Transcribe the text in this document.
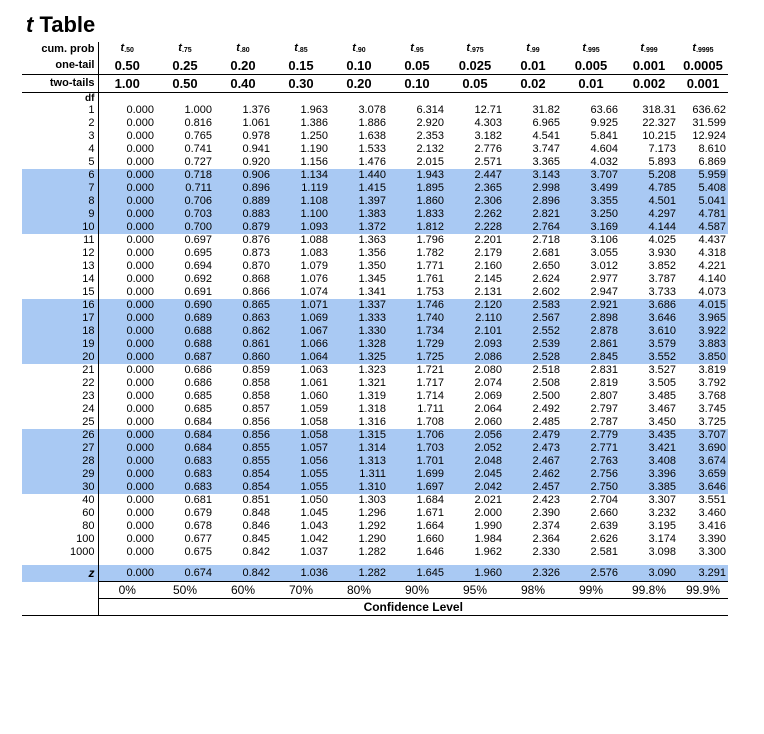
t Table
cum. prob	t.50	t.75	t.80	t.85	t.90	t.95	t.975	t.99	t.995	t.999	t.9995
one-tail	0.50	0.25	0.20	0.15	0.10	0.05	0.025	0.01	0.005	0.001	0.0005
two-tails	1.00	0.50	0.40	0.30	0.20	0.10	0.05	0.02	0.01	0.002	0.001
df											
1	0.000	1.000	1.376	1.963	3.078	6.314	12.71	31.82	63.66	318.31	636.62
2	0.000	0.816	1.061	1.386	1.886	2.920	4.303	6.965	9.925	22.327	31.599
3	0.000	0.765	0.978	1.250	1.638	2.353	3.182	4.541	5.841	10.215	12.924
4	0.000	0.741	0.941	1.190	1.533	2.132	2.776	3.747	4.604	7.173	8.610
5	0.000	0.727	0.920	1.156	1.476	2.015	2.571	3.365	4.032	5.893	6.869
6	0.000	0.718	0.906	1.134	1.440	1.943	2.447	3.143	3.707	5.208	5.959
7	0.000	0.711	0.896	1.119	1.415	1.895	2.365	2.998	3.499	4.785	5.408
8	0.000	0.706	0.889	1.108	1.397	1.860	2.306	2.896	3.355	4.501	5.041
9	0.000	0.703	0.883	1.100	1.383	1.833	2.262	2.821	3.250	4.297	4.781
10	0.000	0.700	0.879	1.093	1.372	1.812	2.228	2.764	3.169	4.144	4.587
11	0.000	0.697	0.876	1.088	1.363	1.796	2.201	2.718	3.106	4.025	4.437
12	0.000	0.695	0.873	1.083	1.356	1.782	2.179	2.681	3.055	3.930	4.318
13	0.000	0.694	0.870	1.079	1.350	1.771	2.160	2.650	3.012	3.852	4.221
14	0.000	0.692	0.868	1.076	1.345	1.761	2.145	2.624	2.977	3.787	4.140
15	0.000	0.691	0.866	1.074	1.341	1.753	2.131	2.602	2.947	3.733	4.073
16	0.000	0.690	0.865	1.071	1.337	1.746	2.120	2.583	2.921	3.686	4.015
17	0.000	0.689	0.863	1.069	1.333	1.740	2.110	2.567	2.898	3.646	3.965
18	0.000	0.688	0.862	1.067	1.330	1.734	2.101	2.552	2.878	3.610	3.922
19	0.000	0.688	0.861	1.066	1.328	1.729	2.093	2.539	2.861	3.579	3.883
20	0.000	0.687	0.860	1.064	1.325	1.725	2.086	2.528	2.845	3.552	3.850
21	0.000	0.686	0.859	1.063	1.323	1.721	2.080	2.518	2.831	3.527	3.819
22	0.000	0.686	0.858	1.061	1.321	1.717	2.074	2.508	2.819	3.505	3.792
23	0.000	0.685	0.858	1.060	1.319	1.714	2.069	2.500	2.807	3.485	3.768
24	0.000	0.685	0.857	1.059	1.318	1.711	2.064	2.492	2.797	3.467	3.745
25	0.000	0.684	0.856	1.058	1.316	1.708	2.060	2.485	2.787	3.450	3.725
26	0.000	0.684	0.856	1.058	1.315	1.706	2.056	2.479	2.779	3.435	3.707
27	0.000	0.684	0.855	1.057	1.314	1.703	2.052	2.473	2.771	3.421	3.690
28	0.000	0.683	0.855	1.056	1.313	1.701	2.048	2.467	2.763	3.408	3.674
29	0.000	0.683	0.854	1.055	1.311	1.699	2.045	2.462	2.756	3.396	3.659
30	0.000	0.683	0.854	1.055	1.310	1.697	2.042	2.457	2.750	3.385	3.646
40	0.000	0.681	0.851	1.050	1.303	1.684	2.021	2.423	2.704	3.307	3.551
60	0.000	0.679	0.848	1.045	1.296	1.671	2.000	2.390	2.660	3.232	3.460
80	0.000	0.678	0.846	1.043	1.292	1.664	1.990	2.374	2.639	3.195	3.416
100	0.000	0.677	0.845	1.042	1.290	1.660	1.984	2.364	2.626	3.174	3.390
1000	0.000	0.675	0.842	1.037	1.282	1.646	1.962	2.330	2.581	3.098	3.300

z	0.000	0.674	0.842	1.036	1.282	1.645	1.960	2.326	2.576	3.090	3.291
	0%	50%	60%	70%	80%	90%	95%	98%	99%	99.8%	99.9%
	Confidence Level										
